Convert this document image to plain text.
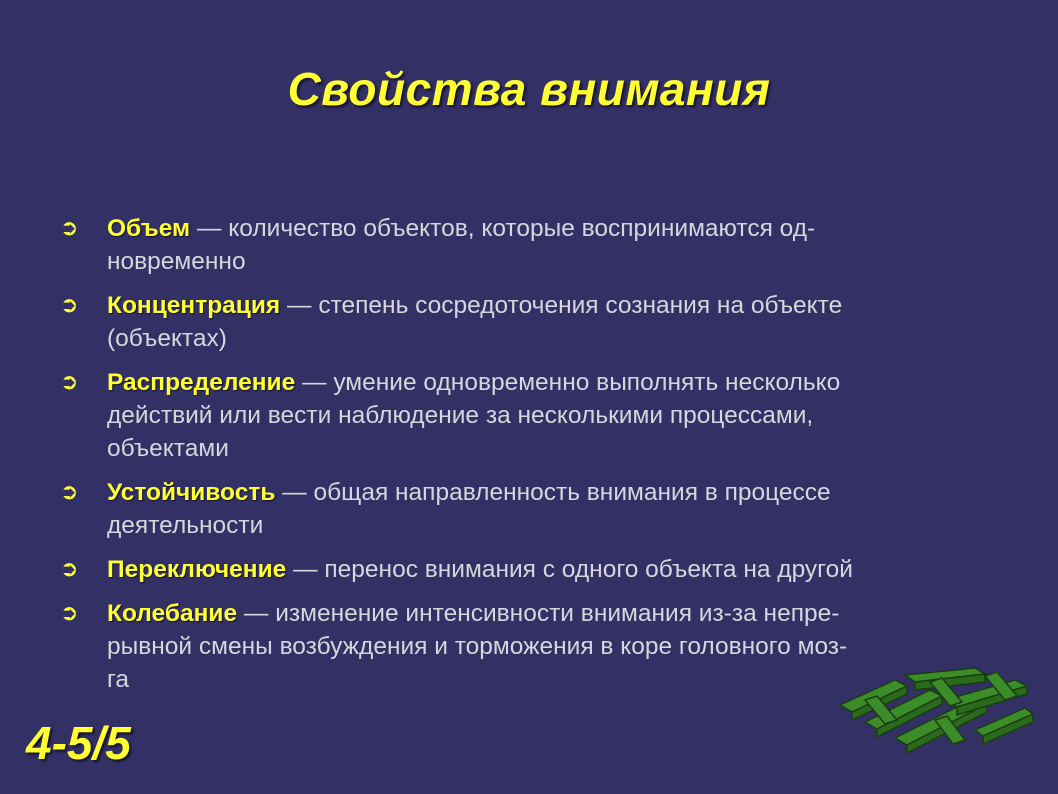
Свойства внимания
➲ Объем — количество объектов, которые воспринимаются од-
новременно
➲ Концентрация — степень сосредоточения сознания на объекте
(объектах)
➲ Распределение — умение одновременно выполнять несколько
действий или вести наблюдение за несколькими процессами,
объектами
➲ Устойчивость — общая направленность внимания в процессе
деятельности
➲ Переключение — перенос внимания с одного объекта на другой
➲ Колебание — изменение интенсивности внимания из-за непре-
рывной смены возбуждения и торможения в коре головного моз-
га
4-5/5
